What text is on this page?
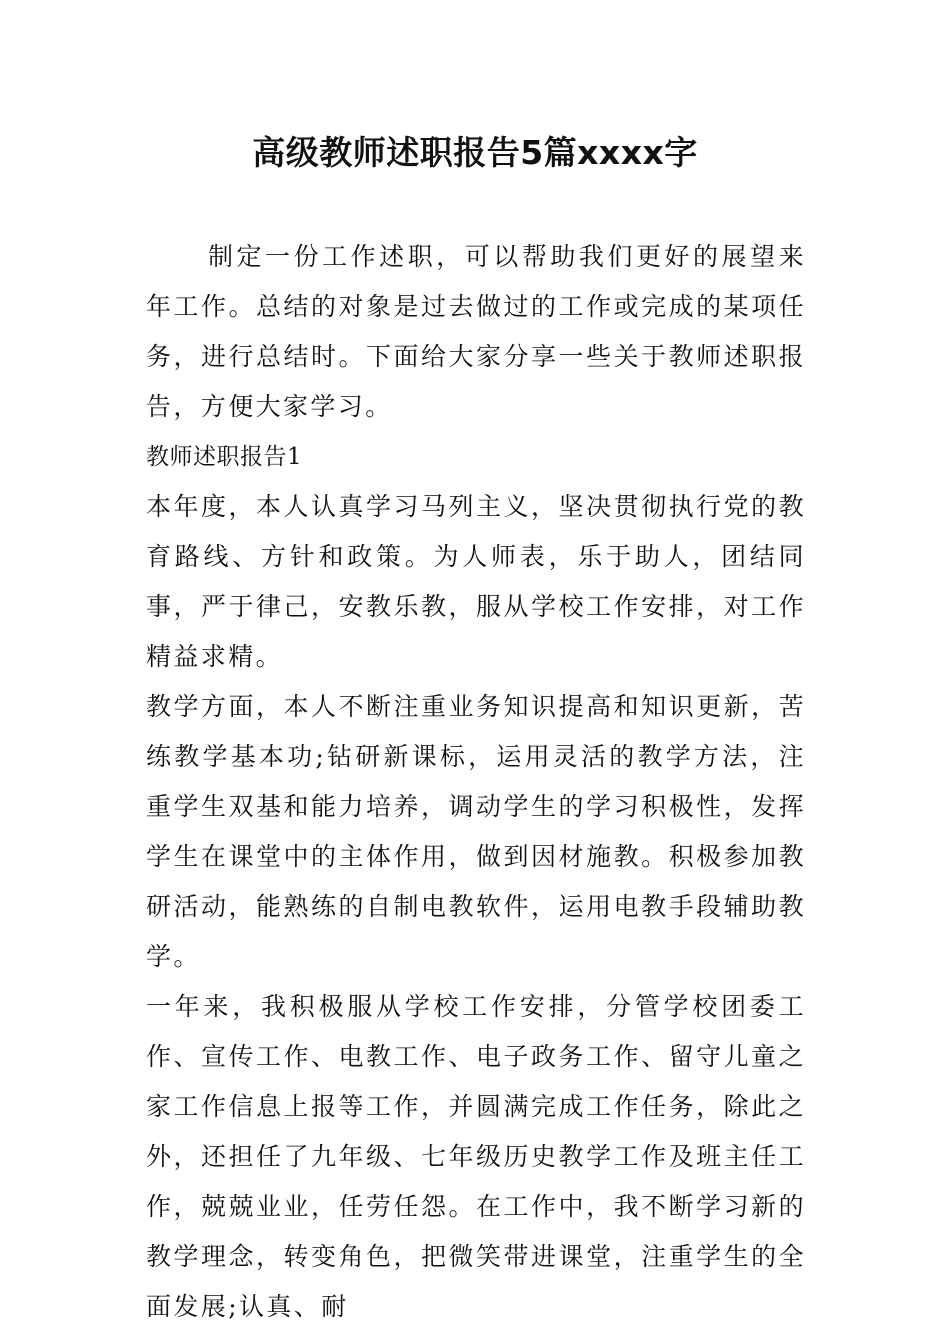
高级教师述职报告5篇xxxx字

制定一份工作述职，可以帮助我们更好的展望来年工作。总结的对象是过去做过的工作或完成的某项任务，进行总结时。下面给大家分享一些关于教师述职报告，方便大家学习。

教师述职报告1

本年度，本人认真学习马列主义，坚决贯彻执行党的教育路线、方针和政策。为人师表，乐于助人，团结同事，严于律己，安教乐教，服从学校工作安排，对工作精益求精。

教学方面，本人不断注重业务知识提高和知识更新，苦练教学基本功;钻研新课标，运用灵活的教学方法，注重学生双基和能力培养，调动学生的学习积极性，发挥学生在课堂中的主体作用，做到因材施教。积极参加教研活动，能熟练的自制电教软件，运用电教手段辅助教学。

一年来，我积极服从学校工作安排，分管学校团委工作、宣传工作、电教工作、电子政务工作、留守儿童之家工作信息上报等工作，并圆满完成工作任务，除此之外，还担任了九年级、七年级历史教学工作及班主任工作，兢兢业业，任劳任怨。在工作中，我不断学习新的教学理念，转变角色，把微笑带进课堂，注重学生的全面发展;认真、耐
